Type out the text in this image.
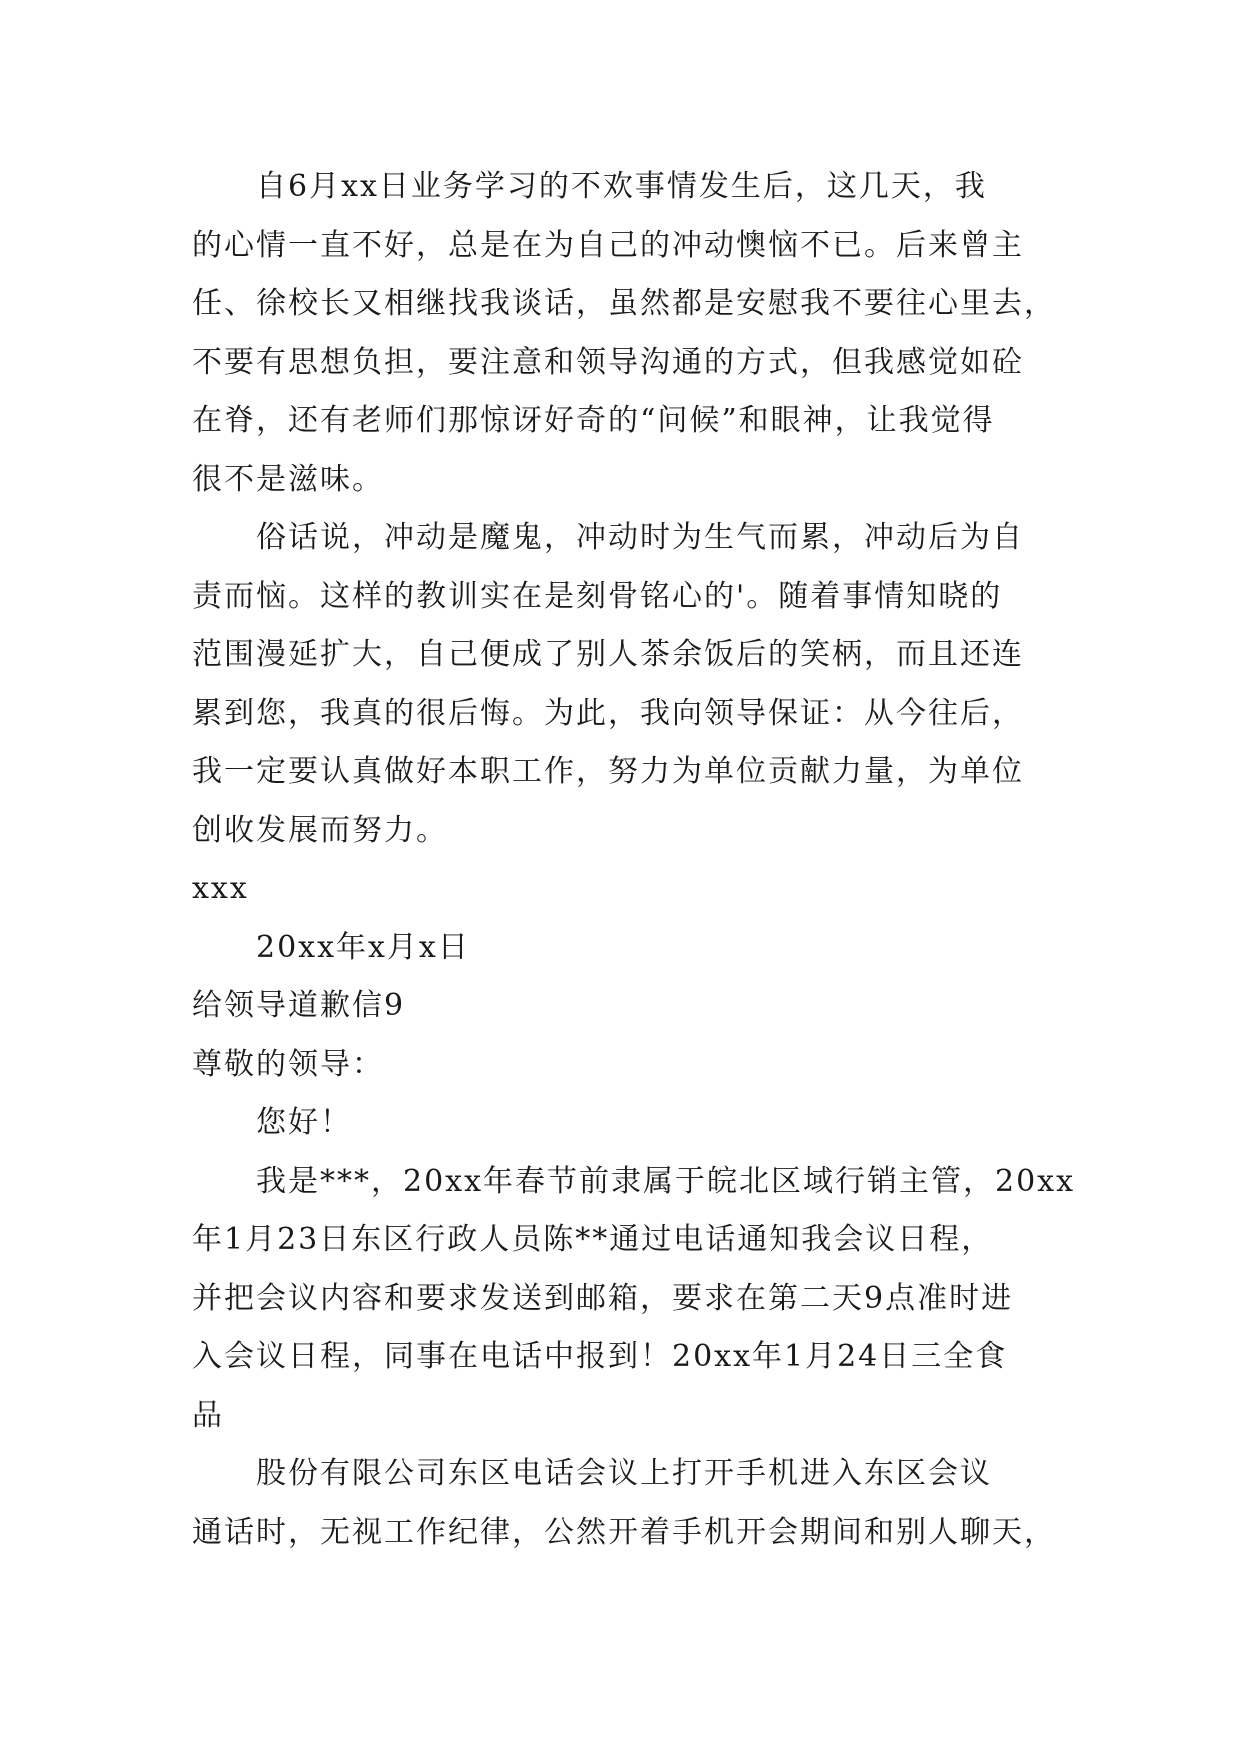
自6月xx日业务学习的不欢事情发生后，这几天，我
的心情一直不好，总是在为自己的冲动懊恼不已。后来曾主
任、徐校长又相继找我谈话，虽然都是安慰我不要往心里去，
不要有思想负担，要注意和领导沟通的方式，但我感觉如砼
在脊，还有老师们那惊讶好奇的“问候”和眼神，让我觉得
很不是滋味。
俗话说，冲动是魔鬼，冲动时为生气而累，冲动后为自
责而恼。这样的教训实在是刻骨铭心的'。随着事情知晓的
范围漫延扩大，自己便成了别人茶余饭后的笑柄，而且还连
累到您，我真的很后悔。为此，我向领导保证：从今往后，
我一定要认真做好本职工作，努力为单位贡献力量，为单位
创收发展而努力。
xxx
20xx年x月x日
给领导道歉信9
尊敬的领导：
您好！
我是***，20xx年春节前隶属于皖北区域行销主管，20xx
年1月23日东区行政人员陈**通过电话通知我会议日程，
并把会议内容和要求发送到邮箱，要求在第二天9点准时进
入会议日程，同事在电话中报到！20xx年1月24日三全食
品
股份有限公司东区电话会议上打开手机进入东区会议
通话时，无视工作纪律，公然开着手机开会期间和别人聊天，
